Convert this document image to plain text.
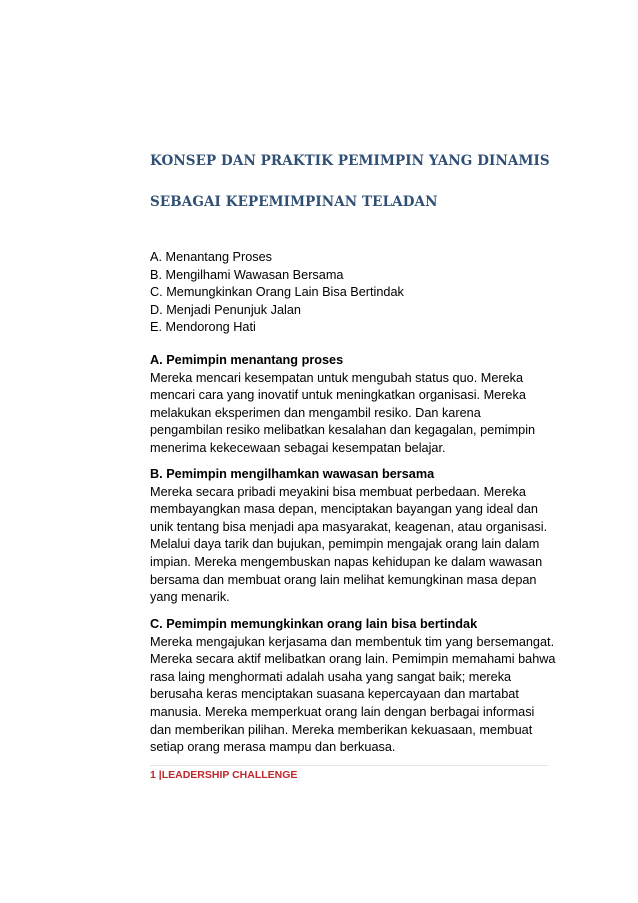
KONSEP DAN PRAKTIK PEMIMPIN YANG DINAMIS
SEBAGAI KEPEMIMPINAN TELADAN
A. Menantang Proses
B. Mengilhami Wawasan Bersama
C. Memungkinkan Orang Lain Bisa Bertindak
D. Menjadi Penunjuk Jalan
E. Mendorong Hati
A. Pemimpin menantang proses
Mereka mencari kesempatan untuk mengubah status quo. Mereka
mencari cara yang inovatif untuk meningkatkan organisasi. Mereka
melakukan eksperimen dan mengambil resiko. Dan karena
pengambilan resiko melibatkan kesalahan dan kegagalan, pemimpin
menerima kekecewaan sebagai kesempatan belajar.
B. Pemimpin mengilhamkan wawasan bersama
Mereka secara pribadi meyakini bisa membuat perbedaan. Mereka
membayangkan masa depan, menciptakan bayangan yang ideal dan
unik tentang bisa menjadi apa masyarakat, keagenan, atau organisasi.
Melalui daya tarik dan bujukan, pemimpin mengajak orang lain dalam
impian. Mereka mengembuskan napas kehidupan ke dalam wawasan
bersama dan membuat orang lain melihat kemungkinan masa depan
yang menarik.
C. Pemimpin memungkinkan orang lain bisa bertindak
Mereka mengajukan kerjasama dan membentuk tim yang bersemangat.
Mereka secara aktif melibatkan orang lain. Pemimpin memahami bahwa
rasa laing menghormati adalah usaha yang sangat baik; mereka
berusaha keras menciptakan suasana kepercayaan dan martabat
manusia. Mereka memperkuat orang lain dengan berbagai informasi
dan memberikan pilihan. Mereka memberikan kekuasaan, membuat
setiap orang merasa mampu dan berkuasa.
1 |LEADERSHIP CHALLENGE
